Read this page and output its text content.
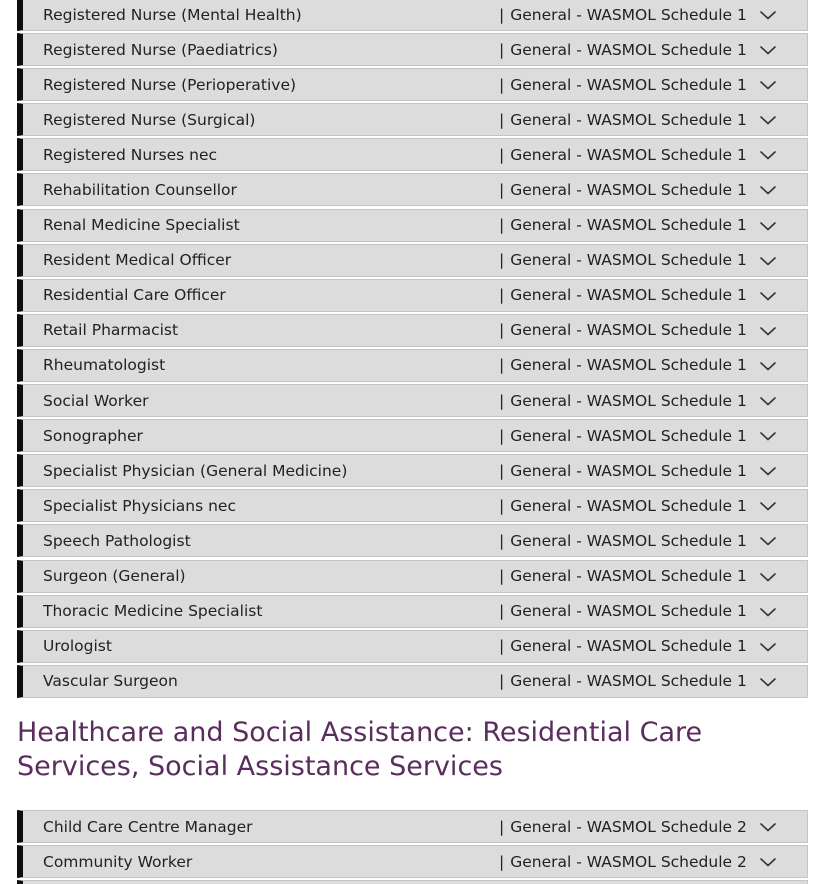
Registered Nurse (Mental Health)	| General - WASMOL Schedule 1
Registered Nurse (Paediatrics)	| General - WASMOL Schedule 1
Registered Nurse (Perioperative)	| General - WASMOL Schedule 1
Registered Nurse (Surgical)	| General - WASMOL Schedule 1
Registered Nurses nec	| General - WASMOL Schedule 1
Rehabilitation Counsellor	| General - WASMOL Schedule 1
Renal Medicine Specialist	| General - WASMOL Schedule 1
Resident Medical Officer	| General - WASMOL Schedule 1
Residential Care Officer	| General - WASMOL Schedule 1
Retail Pharmacist	| General - WASMOL Schedule 1
Rheumatologist	| General - WASMOL Schedule 1
Social Worker	| General - WASMOL Schedule 1
Sonographer	| General - WASMOL Schedule 1
Specialist Physician (General Medicine)	| General - WASMOL Schedule 1
Specialist Physicians nec	| General - WASMOL Schedule 1
Speech Pathologist	| General - WASMOL Schedule 1
Surgeon (General)	| General - WASMOL Schedule 1
Thoracic Medicine Specialist	| General - WASMOL Schedule 1
Urologist	| General - WASMOL Schedule 1
Vascular Surgeon	| General - WASMOL Schedule 1
Healthcare and Social Assistance: Residential Care Services, Social Assistance Services
Child Care Centre Manager	| General - WASMOL Schedule 2
Community Worker	| General - WASMOL Schedule 2
